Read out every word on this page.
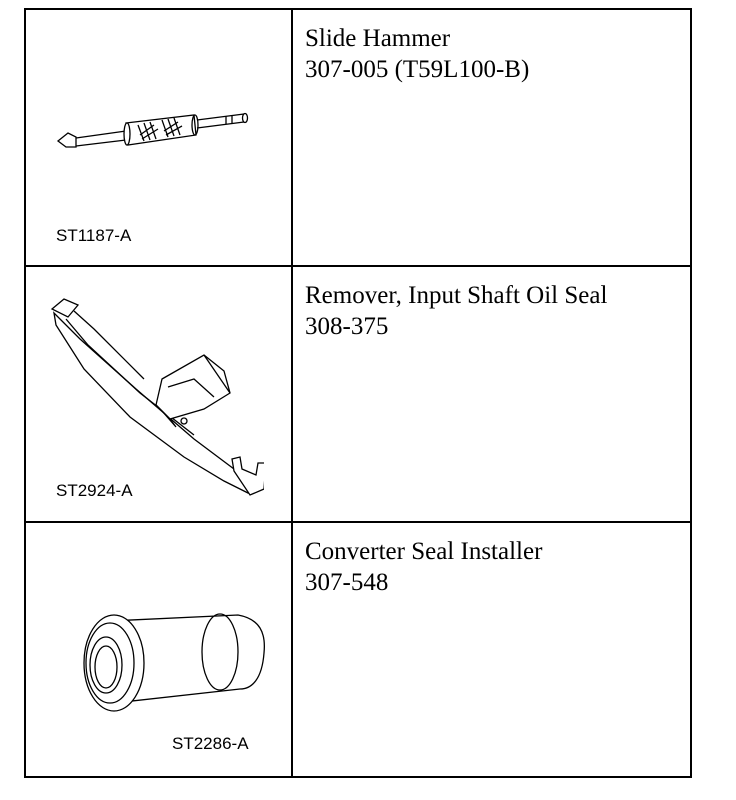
ST1187-A
Slide Hammer
307-005 (T59L100-B)
ST2924-A
Remover, Input Shaft Oil Seal
308-375
ST2286-A
Converter Seal Installer
307-548
